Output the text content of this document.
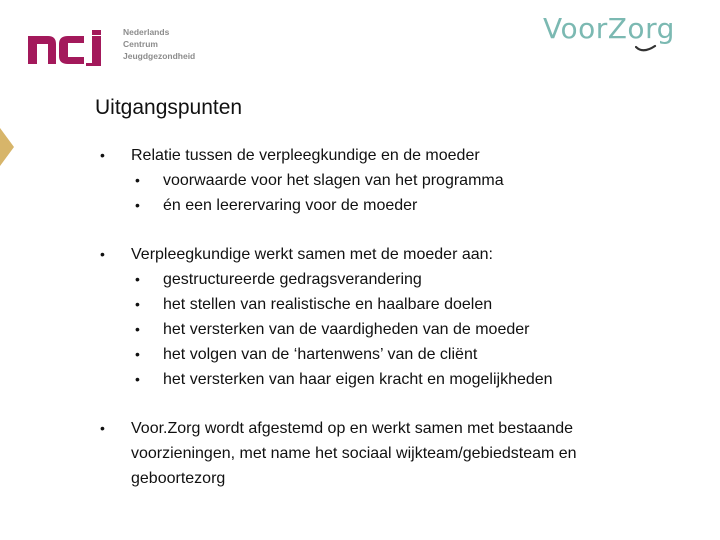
Nederlands
Centrum
Jeugdgezondheid
VoorZorg
Uitgangspunten
• Relatie tussen de verpleegkundige en de moeder
• voorwaarde voor het slagen van het programma
• én een leerervaring voor de moeder
• Verpleegkundige werkt samen met de moeder aan:
• gestructureerde gedragsverandering
• het stellen van realistische en haalbare doelen
• het versterken van de vaardigheden van de moeder
• het volgen van de ‘hartenwens’ van de cliënt
• het versterken van haar eigen kracht en mogelijkheden
• Voor.Zorg wordt afgestemd op en werkt samen met bestaande
voorzieningen, met name het sociaal wijkteam/gebiedsteam en
geboortezorg
